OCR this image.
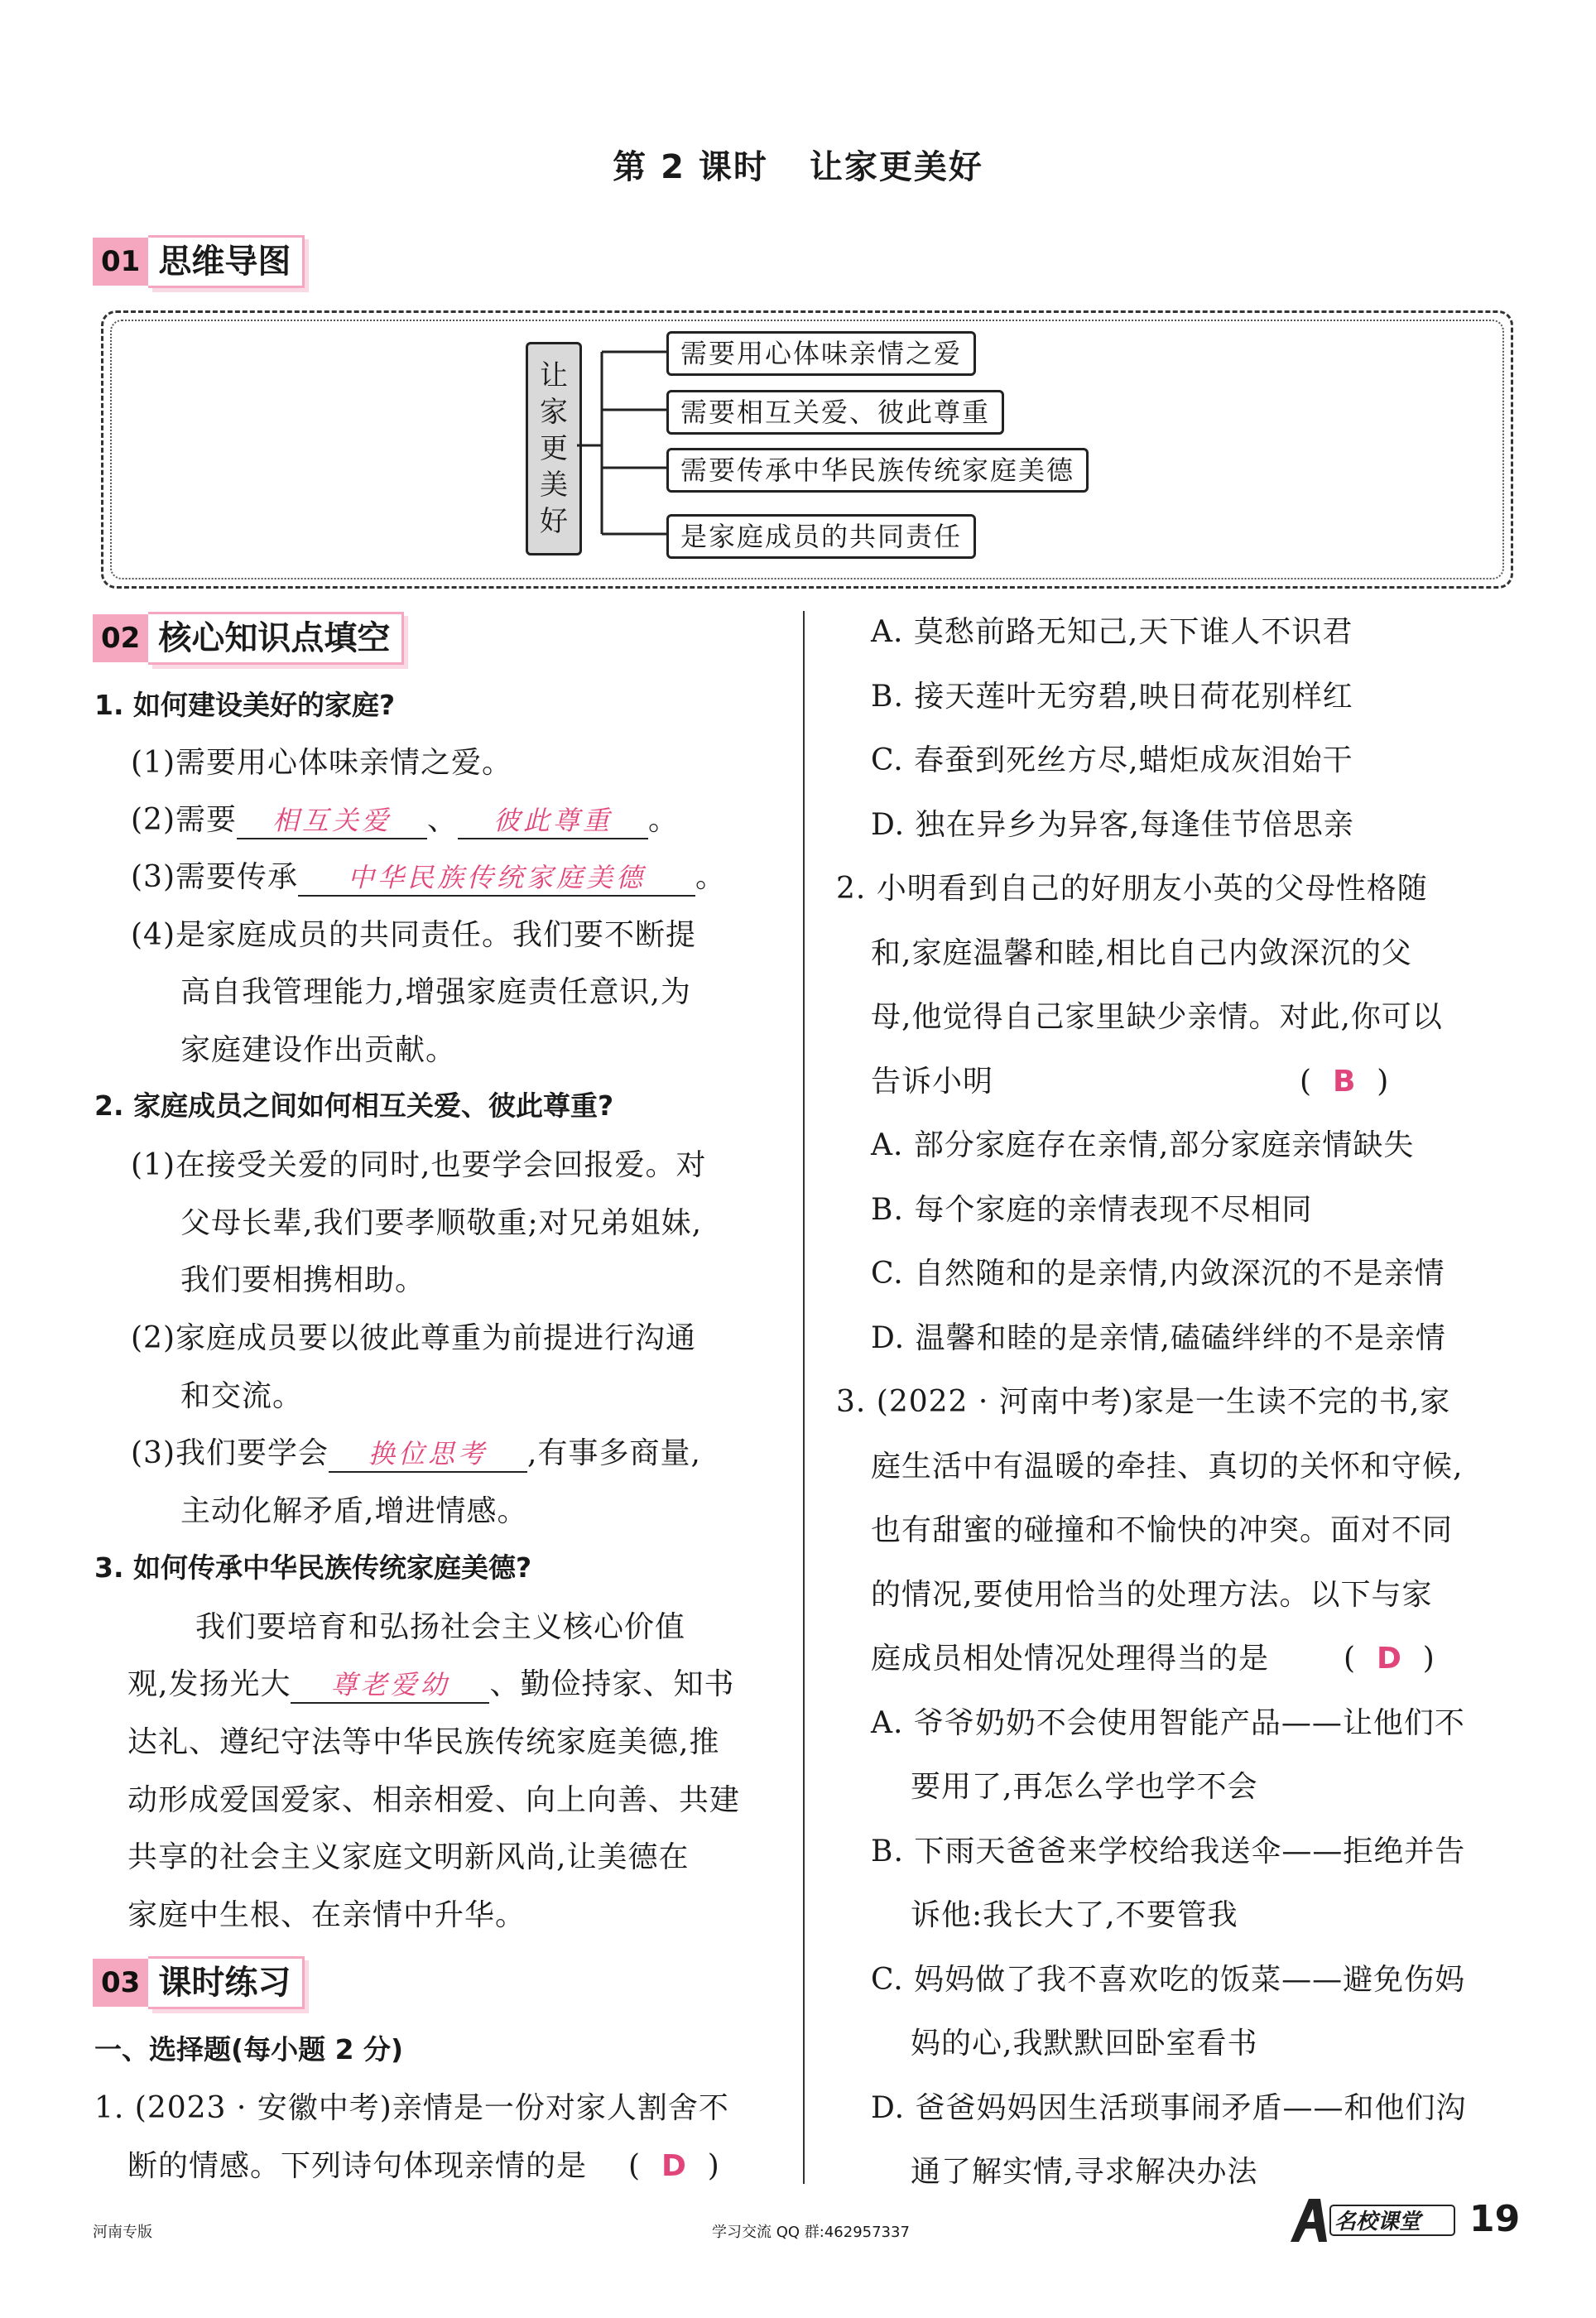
第 2 课时 让家更美好
01 思维导图
让
家
更
美
好
需要用心体味亲情之爱
需要相互关爱、彼此尊重
需要传承中华民族传统家庭美德
是家庭成员的共同责任
02 核心知识点填空
1. 如何建设美好的家庭?
(1)需要用心体味亲情之爱。
(2)需要 相互关爱 、 彼此尊重 。
(3)需要传承 中华民族传统家庭美德 。
(4)是家庭成员的共同责任。我们要不断提
高自我管理能力,增强家庭责任意识,为
家庭建设作出贡献。
2. 家庭成员之间如何相互关爱、彼此尊重?
(1)在接受关爱的同时,也要学会回报爱。对
父母长辈,我们要孝顺敬重;对兄弟姐妹,
我们要相携相助。
(2)家庭成员要以彼此尊重为前提进行沟通
和交流。
(3)我们要学会 换位思考 ,有事多商量,
主动化解矛盾,增进情感。
3. 如何传承中华民族传统家庭美德?
我们要培育和弘扬社会主义核心价值
观,发扬光大 尊老爱幼 、勤俭持家、知书
达礼、遵纪守法等中华民族传统家庭美德,推
动形成爱国爱家、相亲相爱、向上向善、共建
共享的社会主义家庭文明新风尚,让美德在
家庭中生根、在亲情中升华。
03 课时练习
一、选择题(每小题 2 分)
1. (2023 · 安徽中考)亲情是一份对家人割舍不
断的情感。下列诗句体现亲情的是 (  D  )
A. 莫愁前路无知己,天下谁人不识君
B. 接天莲叶无穷碧,映日荷花别样红
C. 春蚕到死丝方尽,蜡炬成灰泪始干
D. 独在异乡为异客,每逢佳节倍思亲
2. 小明看到自己的好朋友小英的父母性格随
和,家庭温馨和睦,相比自己内敛深沉的父
母,他觉得自己家里缺少亲情。对此,你可以
告诉小明	(  B  )
A. 部分家庭存在亲情,部分家庭亲情缺失
B. 每个家庭的亲情表现不尽相同
C. 自然随和的是亲情,内敛深沉的不是亲情
D. 温馨和睦的是亲情,磕磕绊绊的不是亲情
3. (2022 · 河南中考)家是一生读不完的书,家
庭生活中有温暖的牵挂、真切的关怀和守候,
也有甜蜜的碰撞和不愉快的冲突。面对不同
的情况,要使用恰当的处理方法。以下与家
庭成员相处情况处理得当的是	(  D  )
A. 爷爷奶奶不会使用智能产品——让他们不
要用了,再怎么学也学不会
B. 下雨天爸爸来学校给我送伞——拒绝并告
诉他:我长大了,不要管我
C. 妈妈做了我不喜欢吃的饭菜——避免伤妈
妈的心,我默默回卧室看书
D. 爸爸妈妈因生活琐事闹矛盾——和他们沟
通了解实情,寻求解决办法
河南专版	学习交流 QQ 群:462957337	名校课堂 19
